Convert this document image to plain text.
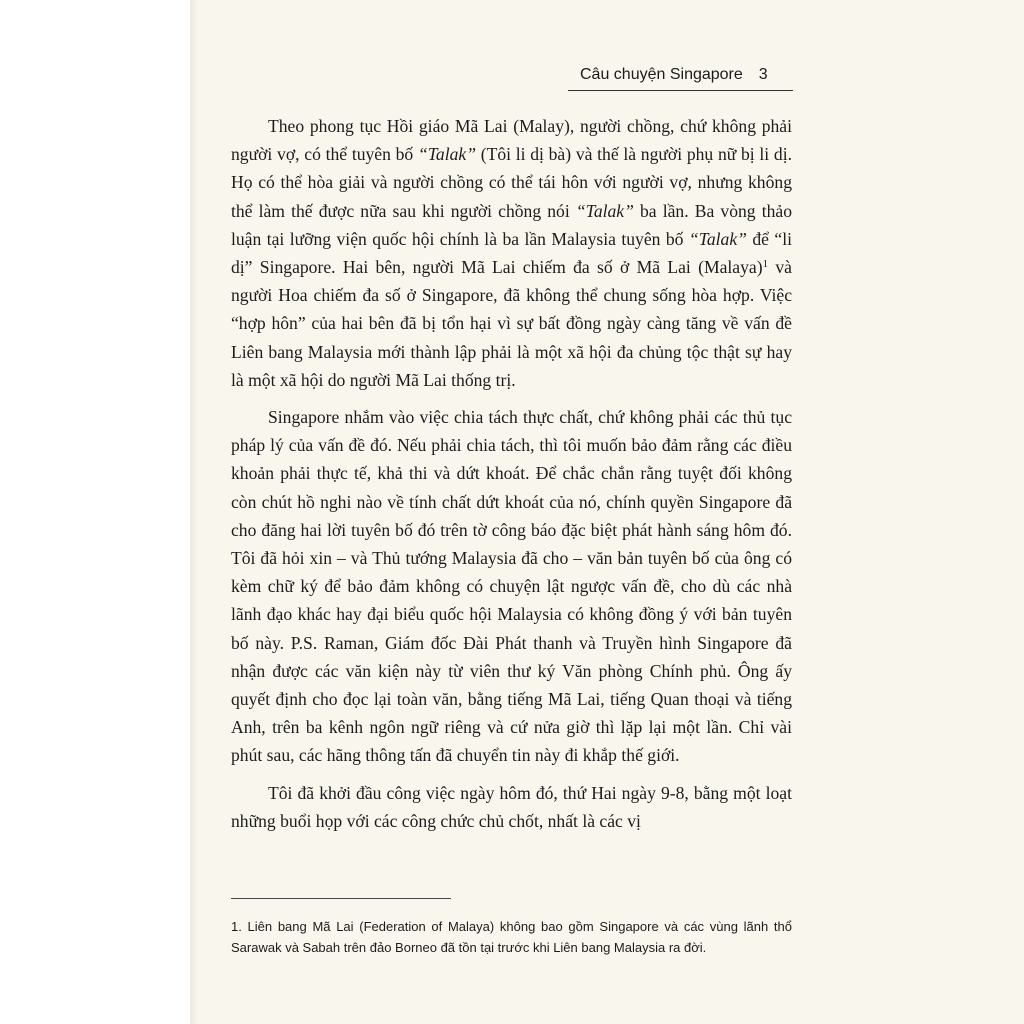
Câu chuyện Singapore 3

Theo phong tục Hồi giáo Mã Lai (Malay), người chồng, chứ không phải người vợ, có thể tuyên bố “Talak” (Tôi li dị bà) và thế là người phụ nữ bị li dị. Họ có thể hòa giải và người chồng có thể tái hôn với người vợ, nhưng không thể làm thế được nữa sau khi người chồng nói “Talak” ba lần. Ba vòng thảo luận tại lưỡng viện quốc hội chính là ba lần Malaysia tuyên bố “Talak” để “li dị” Singapore. Hai bên, người Mã Lai chiếm đa số ở Mã Lai (Malaya)$^1$ và người Hoa chiếm đa số ở Singapore, đã không thể chung sống hòa hợp. Việc “hợp hôn” của hai bên đã bị tổn hại vì sự bất đồng ngày càng tăng về vấn đề Liên bang Malaysia mới thành lập phải là một xã hội đa chủng tộc thật sự hay là một xã hội do người Mã Lai thống trị.

Singapore nhắm vào việc chia tách thực chất, chứ không phải các thủ tục pháp lý của vấn đề đó. Nếu phải chia tách, thì tôi muốn bảo đảm rằng các điều khoản phải thực tế, khả thi và dứt khoát. Để chắc chắn rằng tuyệt đối không còn chút hồ nghi nào về tính chất dứt khoát của nó, chính quyền Singapore đã cho đăng hai lời tuyên bố đó trên tờ công báo đặc biệt phát hành sáng hôm đó. Tôi đã hỏi xin – và Thủ tướng Malaysia đã cho – văn bản tuyên bố của ông có kèm chữ ký để bảo đảm không có chuyện lật ngược vấn đề, cho dù các nhà lãnh đạo khác hay đại biểu quốc hội Malaysia có không đồng ý với bản tuyên bố này. P.S. Raman, Giám đốc Đài Phát thanh và Truyền hình Singapore đã nhận được các văn kiện này từ viên thư ký Văn phòng Chính phủ. Ông ấy quyết định cho đọc lại toàn văn, bằng tiếng Mã Lai, tiếng Quan thoại và tiếng Anh, trên ba kênh ngôn ngữ riêng và cứ nửa giờ thì lặp lại một lần. Chỉ vài phút sau, các hãng thông tấn đã chuyển tin này đi khắp thế giới.

Tôi đã khởi đầu công việc ngày hôm đó, thứ Hai ngày 9-8, bằng một loạt những buổi họp với các công chức chủ chốt, nhất là các vị

1. Liên bang Mã Lai (Federation of Malaya) không bao gồm Singapore và các vùng lãnh thổ Sarawak và Sabah trên đảo Borneo đã tồn tại trước khi Liên bang Malaysia ra đời.
